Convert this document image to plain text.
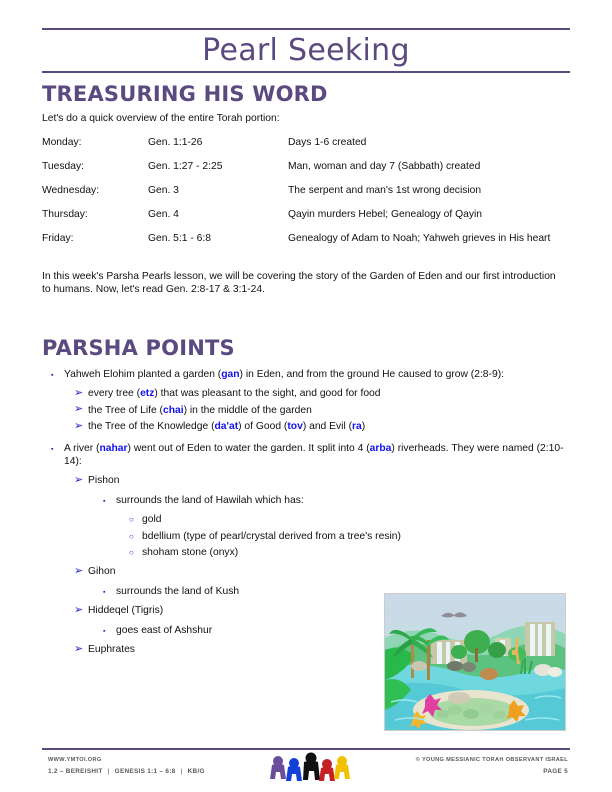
Pearl Seeking
TREASURING HIS WORD
Let's do a quick overview of the entire Torah portion:
Monday:	Gen. 1:1-26	Days 1-6 created
Tuesday:	Gen. 1:27 - 2:25	Man, woman and day 7 (Sabbath) created
Wednesday:	Gen. 3	The serpent and man's 1st wrong decision
Thursday:	Gen. 4	Qayin murders Hebel; Genealogy of Qayin
Friday:	Gen. 5:1 - 6:8	Genealogy of Adam to Noah; Yahweh grieves in His heart
In this week's Parsha Pearls lesson, we will be covering the story of the Garden of Eden and our first introduction to humans. Now, let's read Gen. 2:8-17 & 3:1-24.
PARSHA POINTS
▪ Yahweh Elohim planted a garden (gan) in Eden, and from the ground He caused to grow (2:8-9):
➢ every tree (etz) that was pleasant to the sight, and good for food
➢ the Tree of Life (chai) in the middle of the garden
➢ the Tree of the Knowledge (da'at) of Good (tov) and Evil (ra)
▪ A river (nahar) went out of Eden to water the garden. It split into 4 (arba) riverheads. They were named (2:10-14):
➢ Pishon
▪ surrounds the land of Hawilah which has:
○ gold
○ bdellium (type of pearl/crystal derived from a tree's resin)
○ shoham stone (onyx)
➢ Gihon
▪ surrounds the land of Kush
➢ Hiddeqel (Tigris)
▪ goes east of Ashshur
➢ Euphrates
WWW.YMTOI.ORG
1.2 – BEREISHIT | GENESIS 1:1 – 6:8 | KB/G
© YOUNG MESSIANIC TORAH OBSERVANT ISRAEL
PAGE 5
